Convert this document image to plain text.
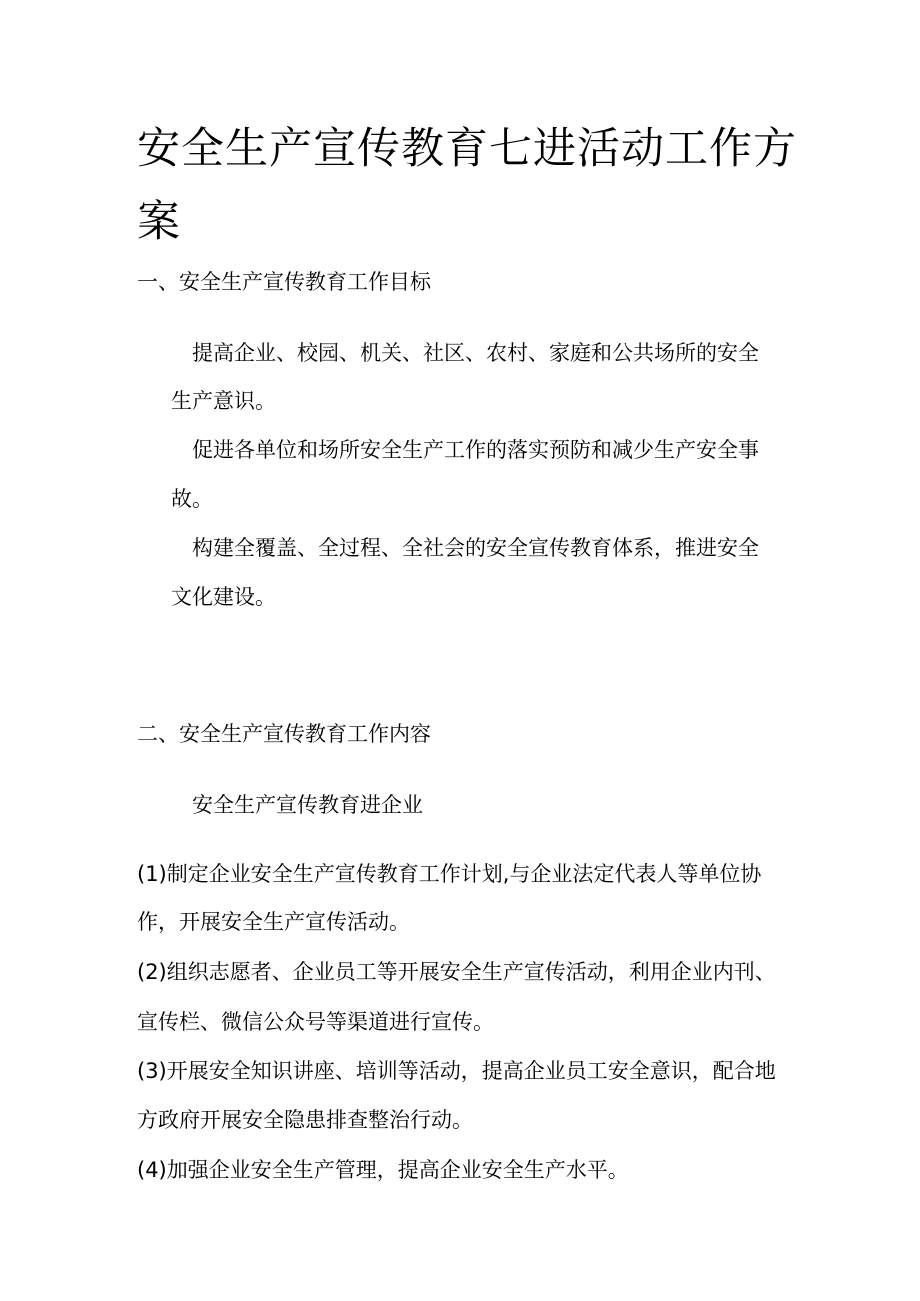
安全生产宣传教育七进活动工作方
案
一、安全生产宣传教育工作目标
提高企业、校园、机关、社区、农村、家庭和公共场所的安全
生产意识。
促进各单位和场所安全生产工作的落实预防和减少生产安全事
故。
构建全覆盖、全过程、全社会的安全宣传教育体系，推进安全
文化建设。
二、安全生产宣传教育工作内容
安全生产宣传教育进企业
(1)制定企业安全生产宣传教育工作计划,与企业法定代表人等单位协
作，开展安全生产宣传活动。
(2)组织志愿者、企业员工等开展安全生产宣传活动，利用企业内刊、
宣传栏、微信公众号等渠道进行宣传。
(3)开展安全知识讲座、培训等活动，提高企业员工安全意识，配合地
方政府开展安全隐患排查整治行动。
(4)加强企业安全生产管理，提高企业安全生产水平。
